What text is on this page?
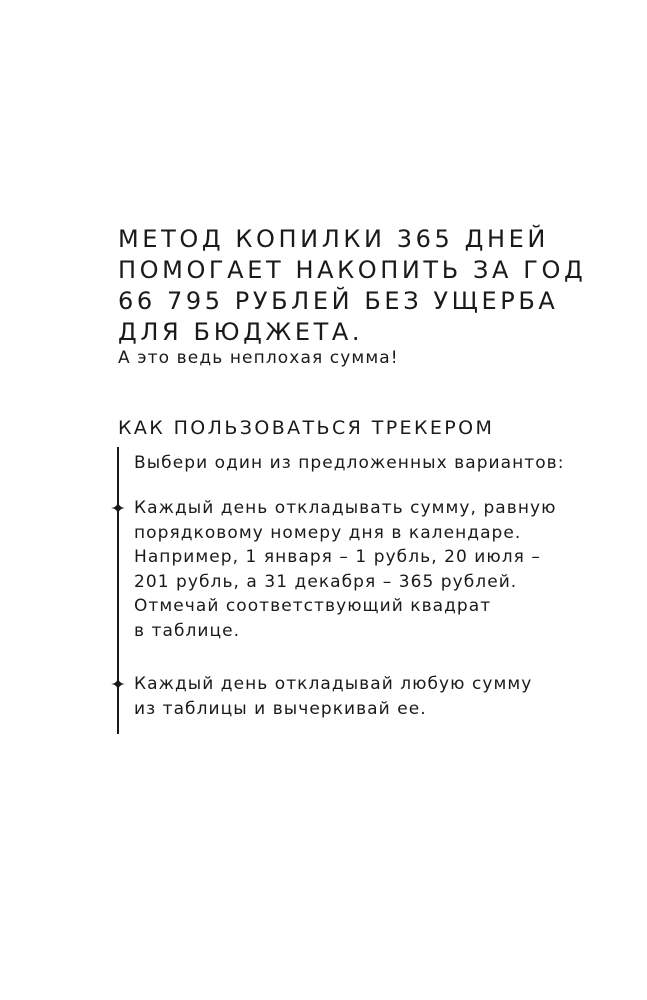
МЕТОД КОПИЛКИ 365 ДНЕЙ
ПОМОГАЕТ НАКОПИТЬ ЗА ГОД
66 795 РУБЛЕЙ БЕЗ УЩЕРБА
ДЛЯ БЮДЖЕТА.
А это ведь неплохая сумма!
КАК ПОЛЬЗОВАТЬСЯ ТРЕКЕРОМ
Выбери один из предложенных вариантов:
Каждый день откладывать сумму, равную
порядковому номеру дня в календаре.
Например, 1 января – 1 рубль, 20 июля –
201 рубль, а 31 декабря – 365 рублей.
Отмечай соответствующий квадрат
в таблице.
Каждый день откладывай любую сумму
из таблицы и вычеркивай ее.
